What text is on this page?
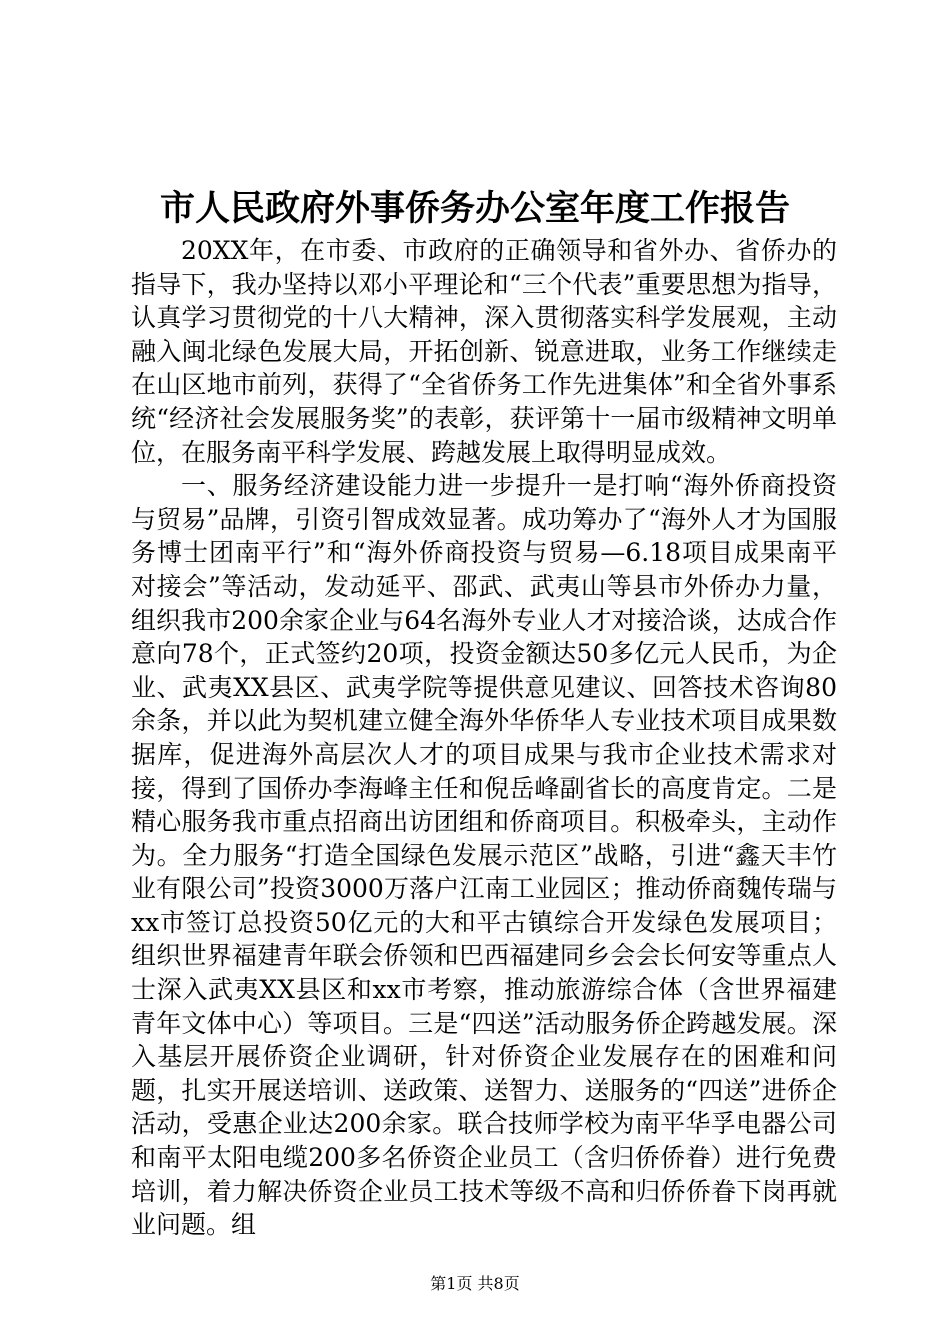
市人民政府外事侨务办公室年度工作报告

20XX年，在市委、市政府的正确领导和省外办、省侨办的指导下，我办坚持以邓小平理论和“三个代表”重要思想为指导，认真学习贯彻党的十八大精神，深入贯彻落实科学发展观，主动融入闽北绿色发展大局，开拓创新、锐意进取，业务工作继续走在山区地市前列，获得了“全省侨务工作先进集体”和全省外事系统“经济社会发展服务奖”的表彰，获评第十一届市级精神文明单位，在服务南平科学发展、跨越发展上取得明显成效。

一、服务经济建设能力进一步提升一是打响“海外侨商投资与贸易”品牌，引资引智成效显著。成功筹办了“海外人才为国服务博士团南平行”和“海外侨商投资与贸易—6.18项目成果南平对接会”等活动，发动延平、邵武、武夷山等县市外侨办力量，组织我市200余家企业与64名海外专业人才对接洽谈，达成合作意向78个，正式签约20项，投资金额达50多亿元人民币，为企业、武夷XX县区、武夷学院等提供意见建议、回答技术咨询80余条，并以此为契机建立健全海外华侨华人专业技术项目成果数据库，促进海外高层次人才的项目成果与我市企业技术需求对接，得到了国侨办李海峰主任和倪岳峰副省长的高度肯定。二是精心服务我市重点招商出访团组和侨商项目。积极牵头，主动作为。全力服务“打造全国绿色发展示范区”战略，引进“鑫天丰竹业有限公司”投资3000万落户江南工业园区；推动侨商魏传瑞与xx市签订总投资50亿元的大和平古镇综合开发绿色发展项目；组织世界福建青年联会侨领和巴西福建同乡会会长何安等重点人士深入武夷XX县区和xx市考察，推动旅游综合体（含世界福建青年文体中心）等项目。三是“四送”活动服务侨企跨越发展。深入基层开展侨资企业调研，针对侨资企业发展存在的困难和问题，扎实开展送培训、送政策、送智力、送服务的“四送”进侨企活动，受惠企业达200余家。联合技师学校为南平华孚电器公司和南平太阳电缆200多名侨资企业员工（含归侨侨眷）进行免费培训，着力解决侨资企业员工技术等级不高和归侨侨眷下岗再就业问题。组

第1页 共8页
